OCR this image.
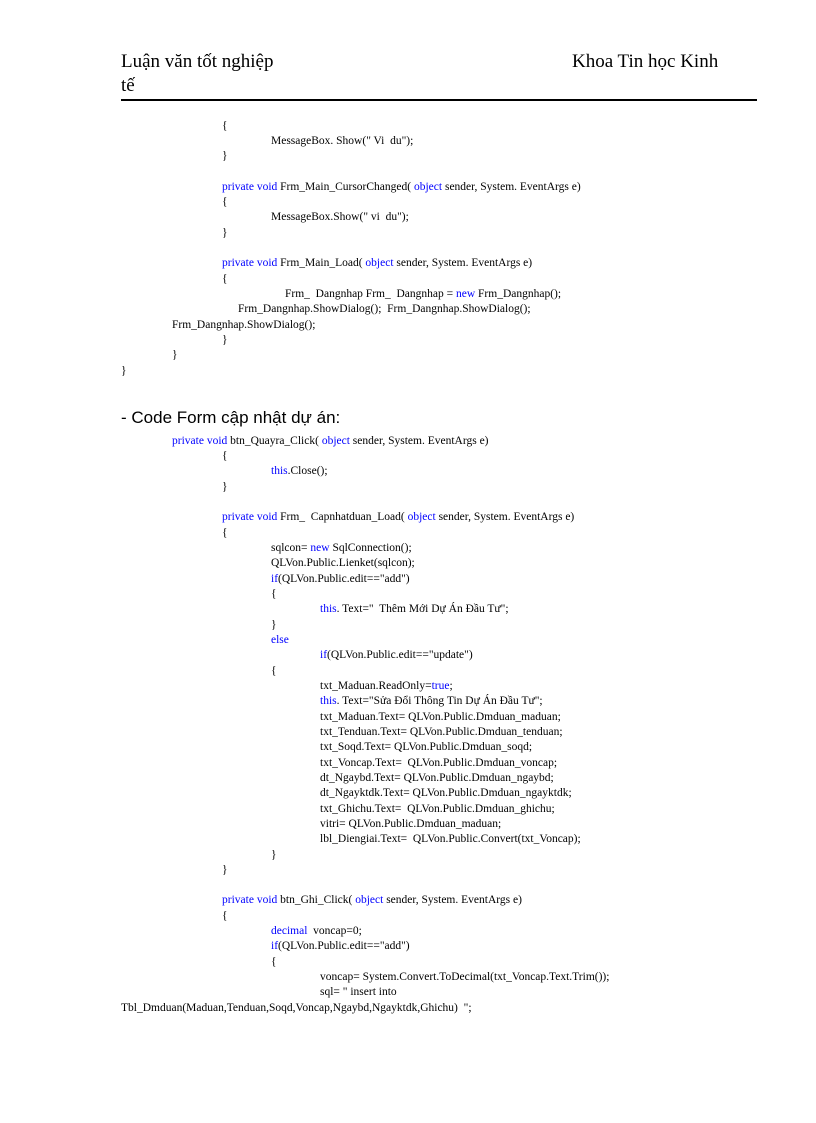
Luận văn tốt nghiệp
tế
Khoa Tin học Kinh
{
MessageBox. Show(" Vi  du");
}
private void Frm_Main_CursorChanged( object sender, System. EventArgs e)
{
MessageBox.Show(" vi  du");
}
private void Frm_Main_Load( object sender, System. EventArgs e)
{
Frm_  Dangnhap Frm_  Dangnhap = new Frm_Dangnhap();
Frm_Dangnhap.ShowDialog();  Frm_Dangnhap.ShowDialog();
Frm_Dangnhap.ShowDialog();
}
}
}
- Code Form cập nhật dự án:
private void btn_Quayra_Click( object sender, System. EventArgs e)
{
this.Close();
}
private void Frm_  Capnhatduan_Load( object sender, System. EventArgs e)
{
sqlcon= new SqlConnection();
QLVon.Public.Lienket(sqlcon);
if(QLVon.Public.edit=="add")
{
this. Text="  Thêm Mới Dự Án Đầu Tư";
}
else
if(QLVon.Public.edit=="update")
{
txt_Maduan.ReadOnly=true;
this. Text="Sửa Đổi Thông Tin Dự Án Đầu Tư";
txt_Maduan.Text= QLVon.Public.Dmduan_maduan;
txt_Tenduan.Text= QLVon.Public.Dmduan_tenduan;
txt_Soqd.Text= QLVon.Public.Dmduan_soqd;
txt_Voncap.Text=  QLVon.Public.Dmduan_voncap;
dt_Ngaybd.Text= QLVon.Public.Dmduan_ngaybd;
dt_Ngayktdk.Text= QLVon.Public.Dmduan_ngayktdk;
txt_Ghichu.Text=  QLVon.Public.Dmduan_ghichu;
vitri= QLVon.Public.Dmduan_maduan;
lbl_Diengiai.Text=  QLVon.Public.Convert(txt_Voncap);
}
}
private void btn_Ghi_Click( object sender, System. EventArgs e)
{
decimal  voncap=0;
if(QLVon.Public.edit=="add")
{
voncap= System.Convert.ToDecimal(txt_Voncap.Text.Trim());
sql= " insert into
Tbl_Dmduan(Maduan,Tenduan,Soqd,Voncap,Ngaybd,Ngayktdk,Ghichu)  ";
